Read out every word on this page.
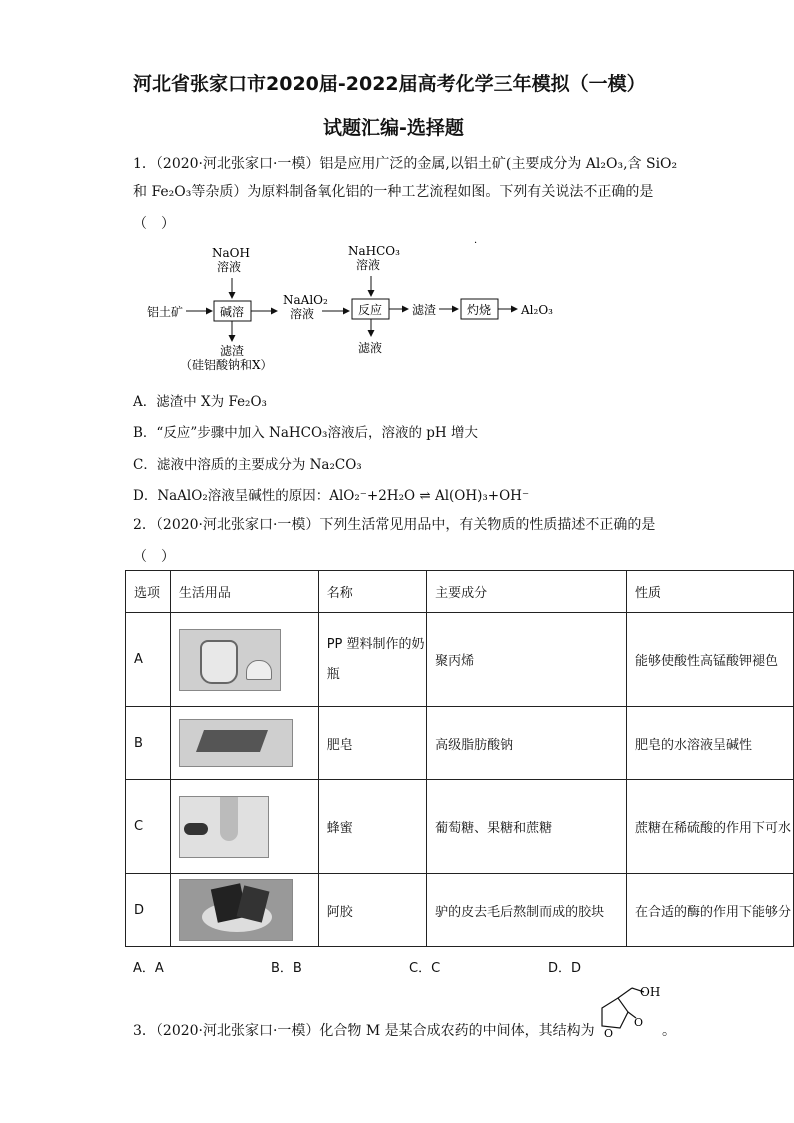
河北省张家口市2020届-2022届高考化学三年模拟（一模）
试题汇编-选择题
1．（2020·河北张家口·一模）铝是应用广泛的金属,以铝土矿(主要成分为 Al₂O₃,含 SiO₂
和 Fe₂O₃等杂质）为原料制备氧化铝的一种工艺流程如图。下列有关说法不正确的是
（　）
NaOH
溶液
NaHCO₃
溶液
·
铝土矿	碱溶
NaAlO₂
溶液	反应 滤渣	灼烧 Al₂O₃
滤渣
（硅铝酸钠和X）
滤液
A．滤渣中 X为 Fe₂O₃
B．“反应”步骤中加入 NaHCO₃溶液后，溶液的 pH 增大
C．滤液中溶质的主要成分为 Na₂CO₃
D．NaAlO₂溶液呈碱性的原因：AlO₂⁻+2H₂O ⇌ Al(OH)₃+OH⁻
2．（2020·河北张家口·一模）下列生活常见用品中，有关物质的性质描述不正确的是
（　）
选项	生活用品	名称	主要成分	性质
A		PP 塑料制作的奶瓶	聚丙烯	能够使酸性高锰酸钾褪色
B		肥皂	高级脂肪酸钠	肥皂的水溶液呈碱性
C		蜂蜜	葡萄糖、果糖和蔗糖	蔗糖在稀硫酸的作用下可水
D		阿胶	驴的皮去毛后熬制而成的胶块	在合适的酶的作用下能够分
A．A	B．B	C．C	D．D
3．（2020·河北张家口·一模）化合物 M 是某合成农药的中间体，其结构为
OH
O
O	。
